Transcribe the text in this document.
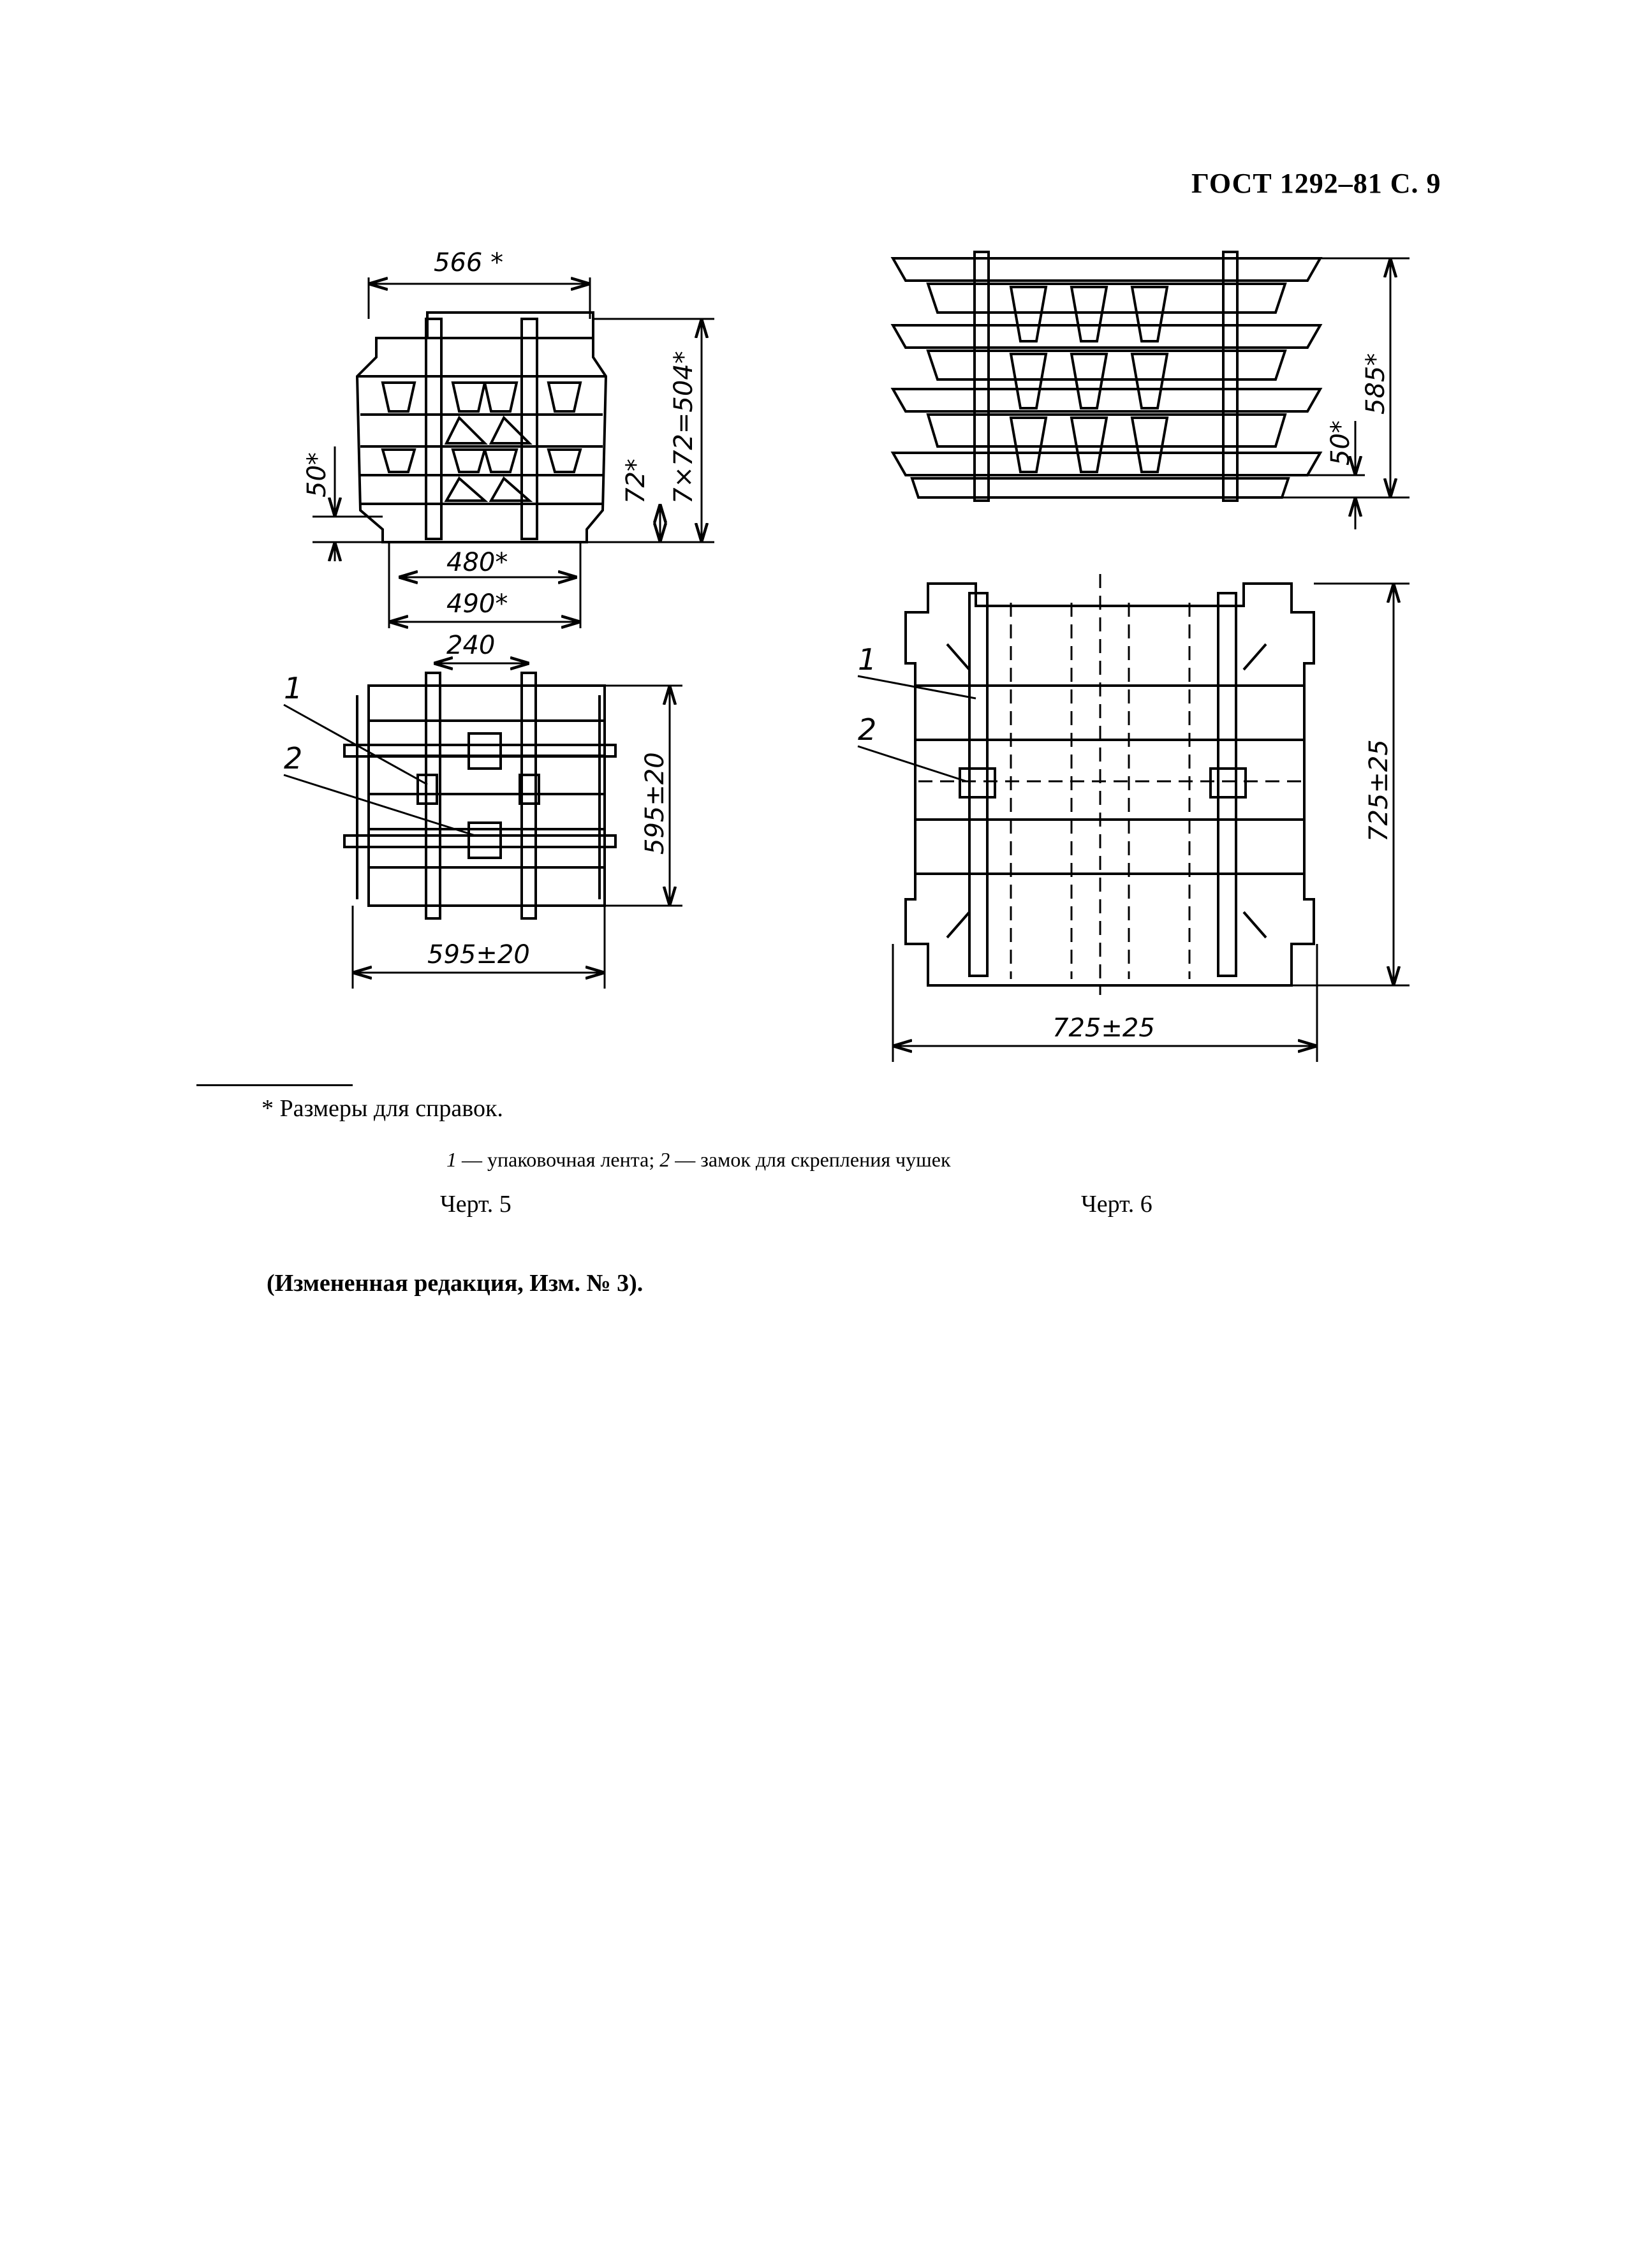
ГОСТ 1292–81 С. 9
566 *
7×72=504*
72*
50*
480*
490*
240
595±20
595±20
1
2
585*
50*
725±25
725±25
1
2
* Размеры для справок.
1 — упаковочная лента; 2 — замок для скрепления чушек
Черт. 5	Черт. 6
(Измененная редакция, Изм. № 3).
